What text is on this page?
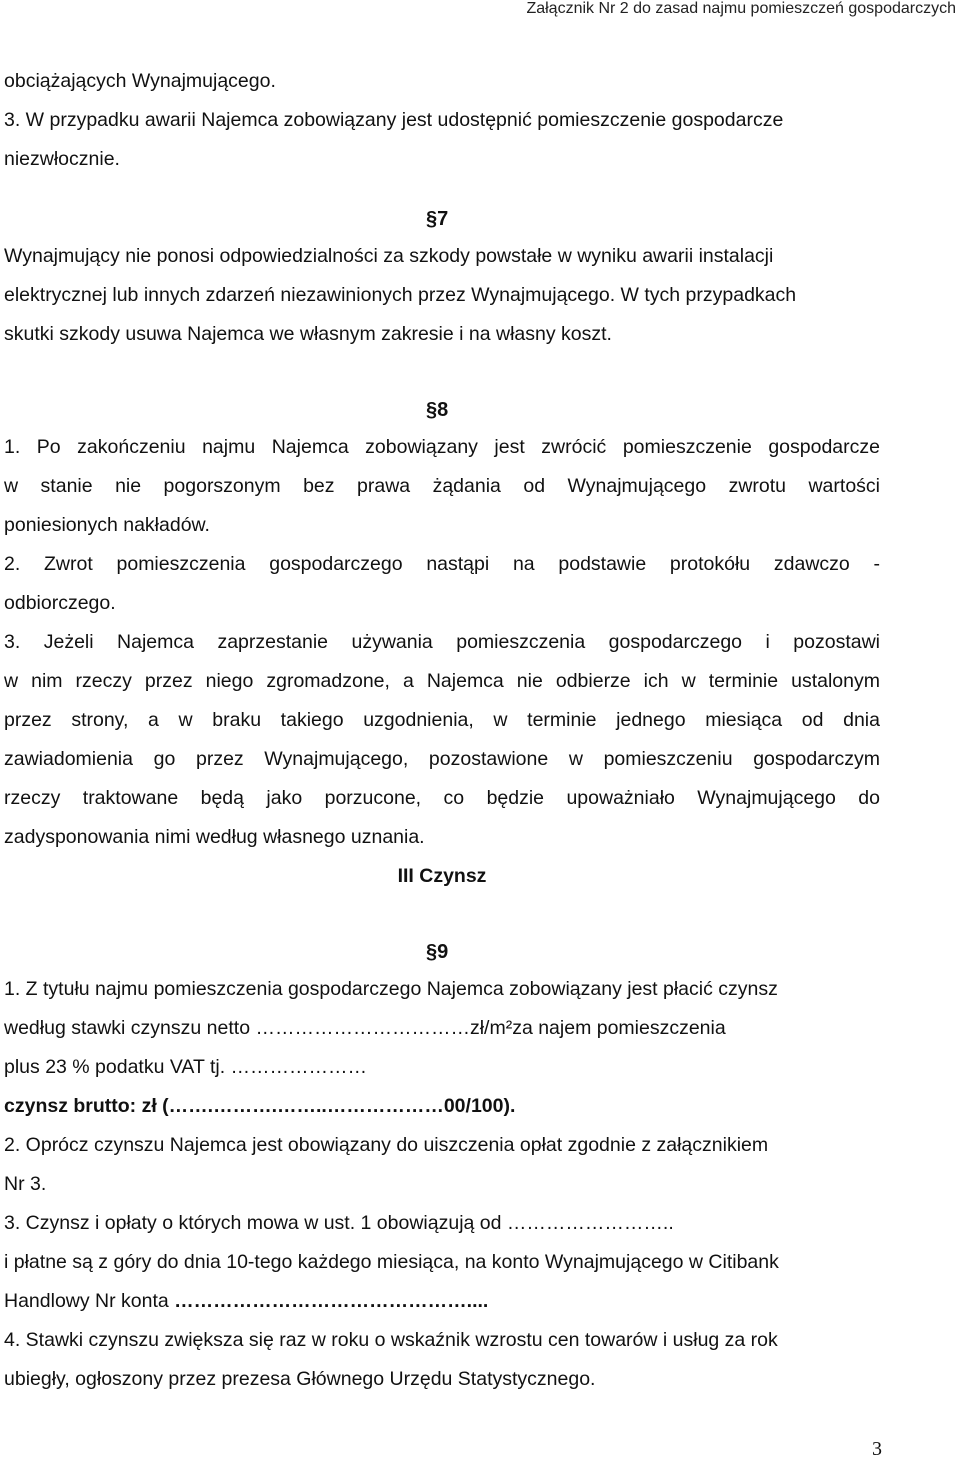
Załącznik Nr 2 do zasad najmu pomieszczeń gospodarczych
obciążających Wynajmującego.
3. W przypadku awarii Najemca zobowiązany jest udostępnić pomieszczenie gospodarcze
niezwłocznie.
§7
Wynajmujący nie ponosi odpowiedzialności za szkody powstałe w wyniku awarii instalacji
elektrycznej lub innych zdarzeń niezawinionych przez Wynajmującego. W tych przypadkach
skutki szkody usuwa Najemca we własnym zakresie i na własny koszt.
§8
1. Po zakończeniu najmu Najemca zobowiązany jest zwrócić pomieszczenie gospodarcze
w stanie nie pogorszonym bez prawa żądania od Wynajmującego zwrotu wartości
poniesionych nakładów.
2. Zwrot pomieszczenia gospodarczego nastąpi na podstawie protokółu zdawczo -
odbiorczego.
3. Jeżeli Najemca zaprzestanie używania pomieszczenia gospodarczego i pozostawi
w nim rzeczy przez niego zgromadzone, a Najemca nie odbierze ich w terminie ustalonym
przez strony, a w braku takiego uzgodnienia, w terminie jednego miesiąca od dnia
zawiadomienia go przez Wynajmującego, pozostawione w pomieszczeniu gospodarczym
rzeczy traktowane będą jako porzucone, co będzie upoważniało Wynajmującego do
zadysponowania nimi według własnego uznania.
III Czynsz
§9
1. Z tytułu najmu pomieszczenia gospodarczego Najemca zobowiązany jest płacić czynsz
według stawki czynszu netto ……………………………zł/m²za najem pomieszczenia
plus 23 % podatku VAT tj. …………………
czynsz brutto: zł (…….……….……..………………00/100).
2. Oprócz czynszu Najemca jest obowiązany do uiszczenia opłat zgodnie z załącznikiem
Nr 3.
3. Czynsz i opłaty o których mowa w ust. 1 obowiązują od ……………………..
i płatne są z góry do dnia 10-tego każdego miesiąca, na konto Wynajmującego w Citibank
Handlowy Nr konta ………………………………………....
4. Stawki czynszu zwiększa się raz w roku o wskaźnik wzrostu cen towarów i usług za rok
ubiegły, ogłoszony przez prezesa Głównego Urzędu Statystycznego.
3
